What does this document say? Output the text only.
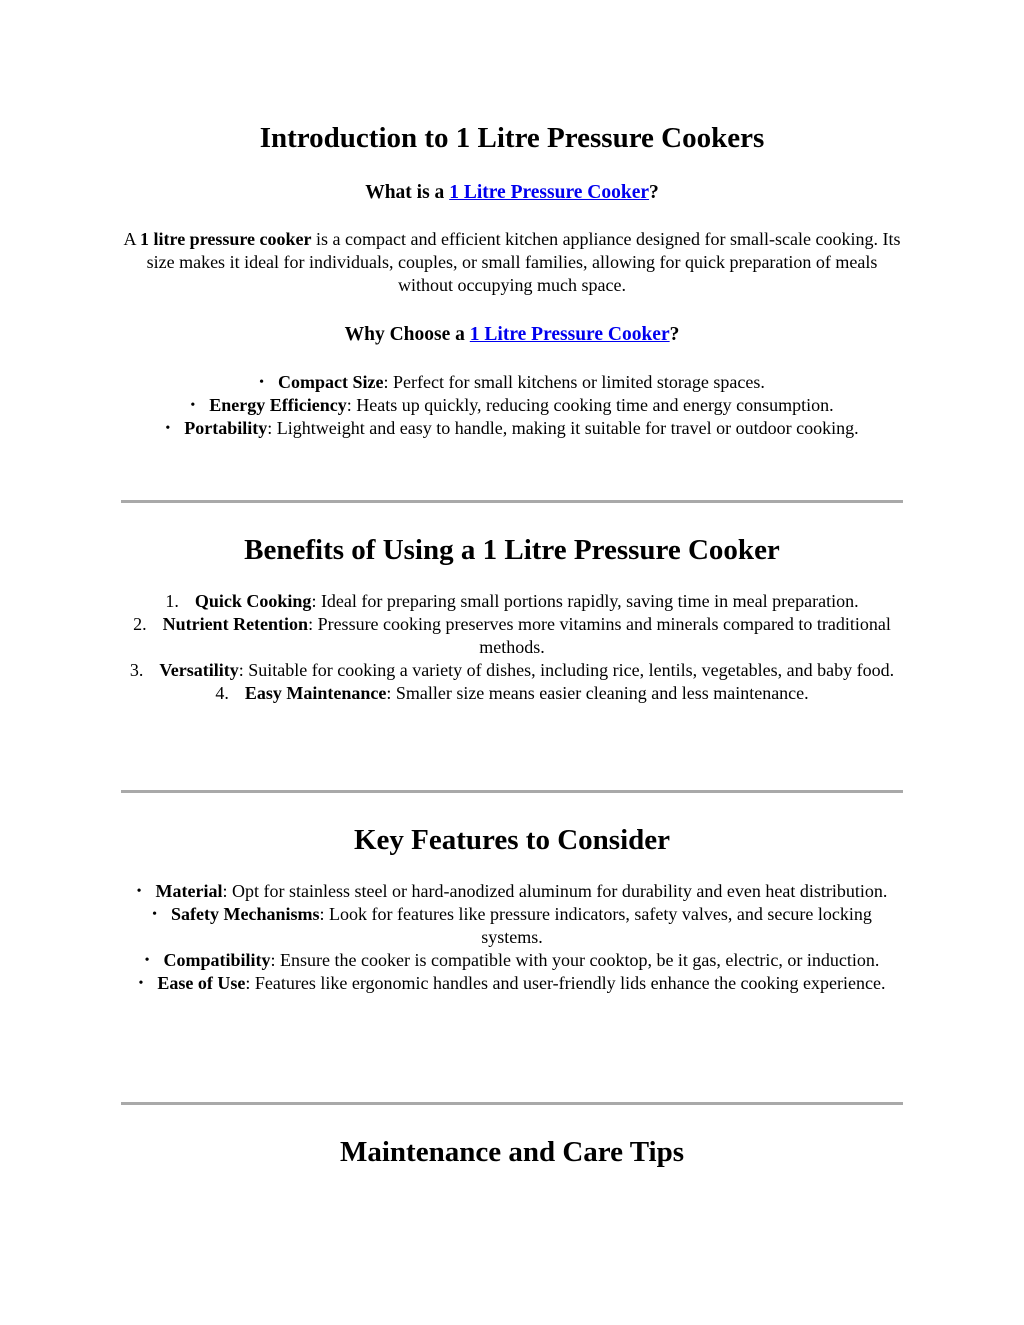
Introduction to 1 Litre Pressure Cookers
What is a 1 Litre Pressure Cooker?

A 1 litre pressure cooker is a compact and efficient kitchen appliance designed for small-scale cooking. Its size makes it ideal for individuals, couples, or small families, allowing for quick preparation of meals without occupying much space.

Why Choose a 1 Litre Pressure Cooker?
• Compact Size: Perfect for small kitchens or limited storage spaces.
• Energy Efficiency: Heats up quickly, reducing cooking time and energy consumption.
• Portability: Lightweight and easy to handle, making it suitable for travel or outdoor cooking.
Benefits of Using a 1 Litre Pressure Cooker
1. Quick Cooking: Ideal for preparing small portions rapidly, saving time in meal preparation.
2. Nutrient Retention: Pressure cooking preserves more vitamins and minerals compared to traditional methods.
3. Versatility: Suitable for cooking a variety of dishes, including rice, lentils, vegetables, and baby food.
4. Easy Maintenance: Smaller size means easier cleaning and less maintenance.
Key Features to Consider
• Material: Opt for stainless steel or hard-anodized aluminum for durability and even heat distribution.
• Safety Mechanisms: Look for features like pressure indicators, safety valves, and secure locking systems.
• Compatibility: Ensure the cooker is compatible with your cooktop, be it gas, electric, or induction.
• Ease of Use: Features like ergonomic handles and user-friendly lids enhance the cooking experience.
Maintenance and Care Tips
